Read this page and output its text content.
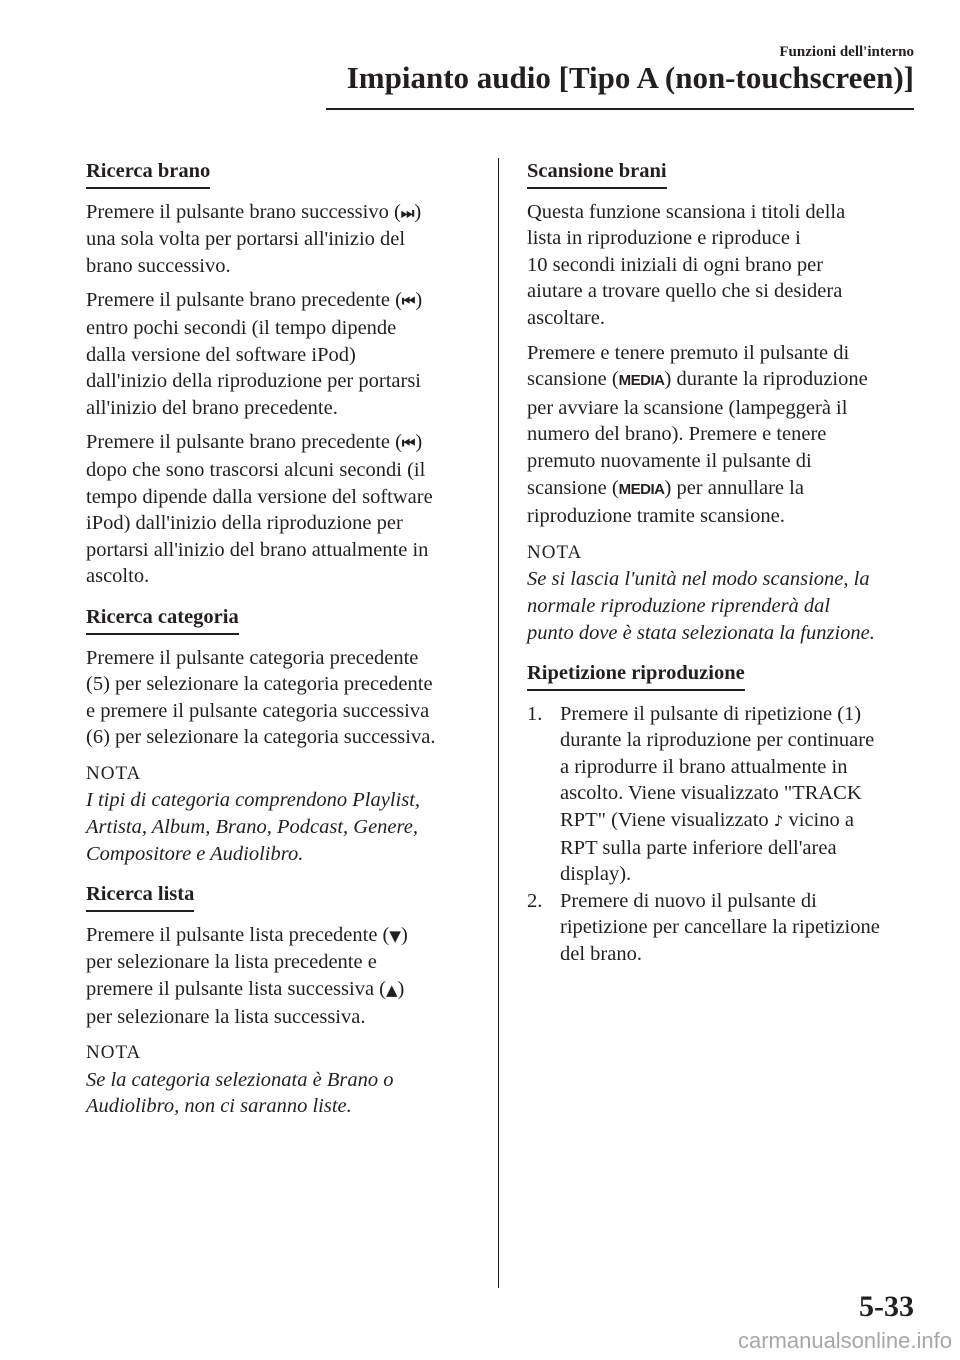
Funzioni dell'interno
Impianto audio [Tipo A (non-touchscreen)]
Ricerca brano
Premere il pulsante brano successivo (⏭)
una sola volta per portarsi all'inizio del
brano successivo.
Premere il pulsante brano precedente (⏮)
entro pochi secondi (il tempo dipende
dalla versione del software iPod)
dall'inizio della riproduzione per portarsi
all'inizio del brano precedente.
Premere il pulsante brano precedente (⏮)
dopo che sono trascorsi alcuni secondi (il
tempo dipende dalla versione del software
iPod) dall'inizio della riproduzione per
portarsi all'inizio del brano attualmente in
ascolto.
Ricerca categoria
Premere il pulsante categoria precedente
(5) per selezionare la categoria precedente
e premere il pulsante categoria successiva
(6) per selezionare la categoria successiva.
NOTA
I tipi di categoria comprendono Playlist,
Artista, Album, Brano, Podcast, Genere,
Compositore e Audiolibro.
Ricerca lista
Premere il pulsante lista precedente (▼)
per selezionare la lista precedente e
premere il pulsante lista successiva (▲)
per selezionare la lista successiva.
NOTA
Se la categoria selezionata è Brano o
Audiolibro, non ci saranno liste.
Scansione brani
Questa funzione scansiona i titoli della
lista in riproduzione e riproduce i
10 secondi iniziali di ogni brano per
aiutare a trovare quello che si desidera
ascoltare.
Premere e tenere premuto il pulsante di
scansione (MEDIA) durante la riproduzione
per avviare la scansione (lampeggerà il
numero del brano). Premere e tenere
premuto nuovamente il pulsante di
scansione (MEDIA) per annullare la
riproduzione tramite scansione.
NOTA
Se si lascia l'unità nel modo scansione, la
normale riproduzione riprenderà dal
punto dove è stata selezionata la funzione.
Ripetizione riproduzione
1. Premere il pulsante di ripetizione (1)
durante la riproduzione per continuare
a riprodurre il brano attualmente in
ascolto. Viene visualizzato "TRACK
RPT" (Viene visualizzato ♪ vicino a
RPT sulla parte inferiore dell'area
display).
2. Premere di nuovo il pulsante di
ripetizione per cancellare la ripetizione
del brano.
5-33
carmanualsonline.info
